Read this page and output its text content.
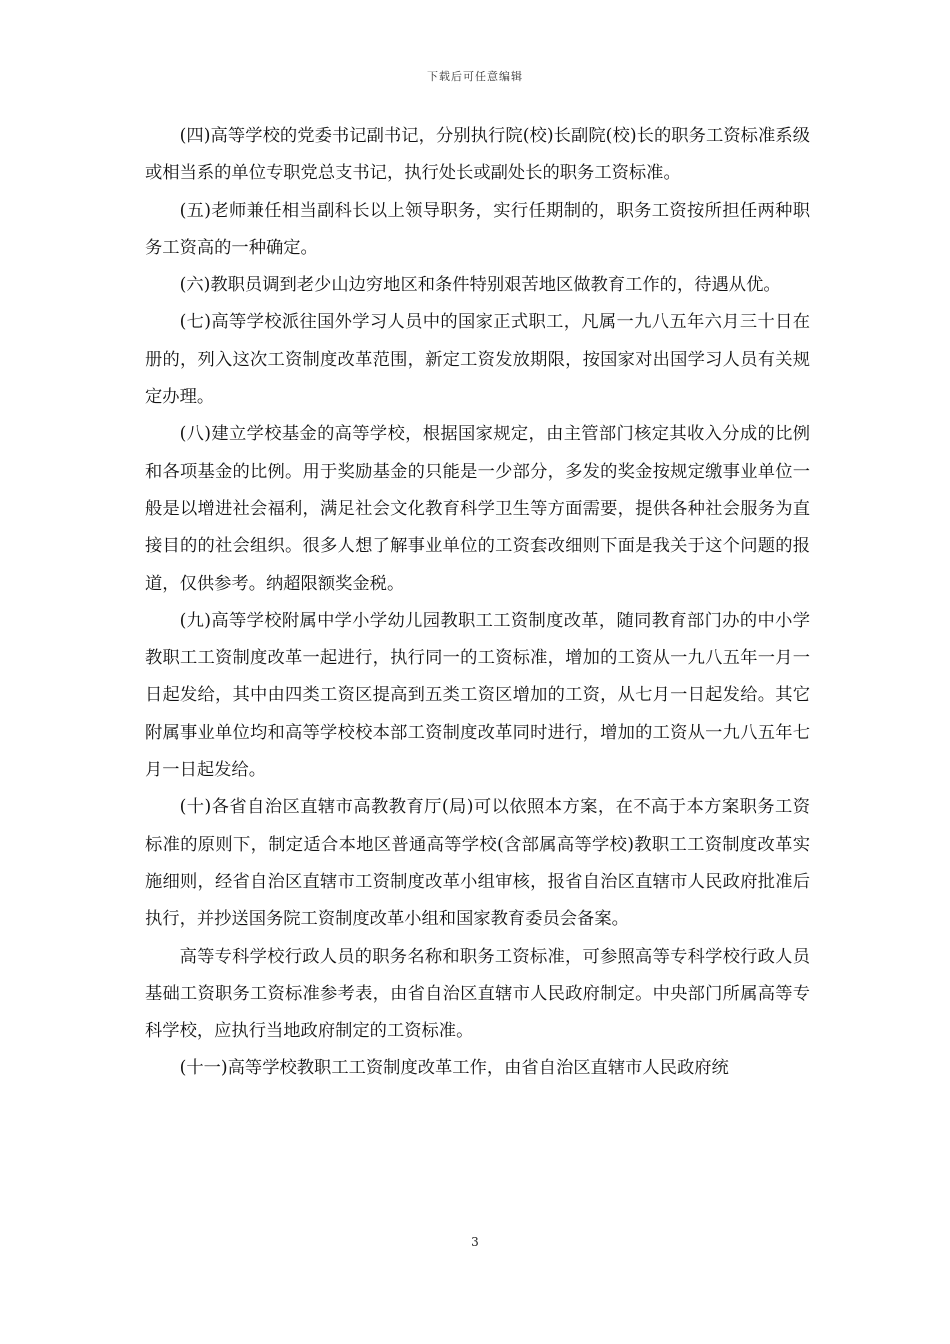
下载后可任意编辑

(四)高等学校的党委书记副书记，分别执行院(校)长副院(校)长的职务工资标准系级或相当系的单位专职党总支书记，执行处长或副处长的职务工资标准。

(五)老师兼任相当副科长以上领导职务，实行任期制的，职务工资按所担任两种职务工资高的一种确定。

(六)教职员调到老少山边穷地区和条件特别艰苦地区做教育工作的，待遇从优。

(七)高等学校派往国外学习人员中的国家正式职工，凡属一九八五年六月三十日在册的，列入这次工资制度改革范围，新定工资发放期限，按国家对出国学习人员有关规定办理。

(八)建立学校基金的高等学校，根据国家规定，由主管部门核定其收入分成的比例和各项基金的比例。用于奖励基金的只能是一少部分，多发的奖金按规定缴事业单位一般是以增进社会福利，满足社会文化教育科学卫生等方面需要，提供各种社会服务为直接目的的社会组织。很多人想了解事业单位的工资套改细则下面是我关于这个问题的报道，仅供参考。纳超限额奖金税。

(九)高等学校附属中学小学幼儿园教职工工资制度改革，随同教育部门办的中小学教职工工资制度改革一起进行，执行同一的工资标准，增加的工资从一九八五年一月一日起发给，其中由四类工资区提高到五类工资区增加的工资，从七月一日起发给。其它附属事业单位均和高等学校校本部工资制度改革同时进行，增加的工资从一九八五年七月一日起发给。

(十)各省自治区直辖市高教教育厅(局)可以依照本方案，在不高于本方案职务工资标准的原则下，制定适合本地区普通高等学校(含部属高等学校)教职工工资制度改革实施细则，经省自治区直辖市工资制度改革小组审核，报省自治区直辖市人民政府批准后执行，并抄送国务院工资制度改革小组和国家教育委员会备案。

高等专科学校行政人员的职务名称和职务工资标准，可参照高等专科学校行政人员基础工资职务工资标准参考表，由省自治区直辖市人民政府制定。中央部门所属高等专科学校，应执行当地政府制定的工资标准。

(十一)高等学校教职工工资制度改革工作，由省自治区直辖市人民政府统

3
